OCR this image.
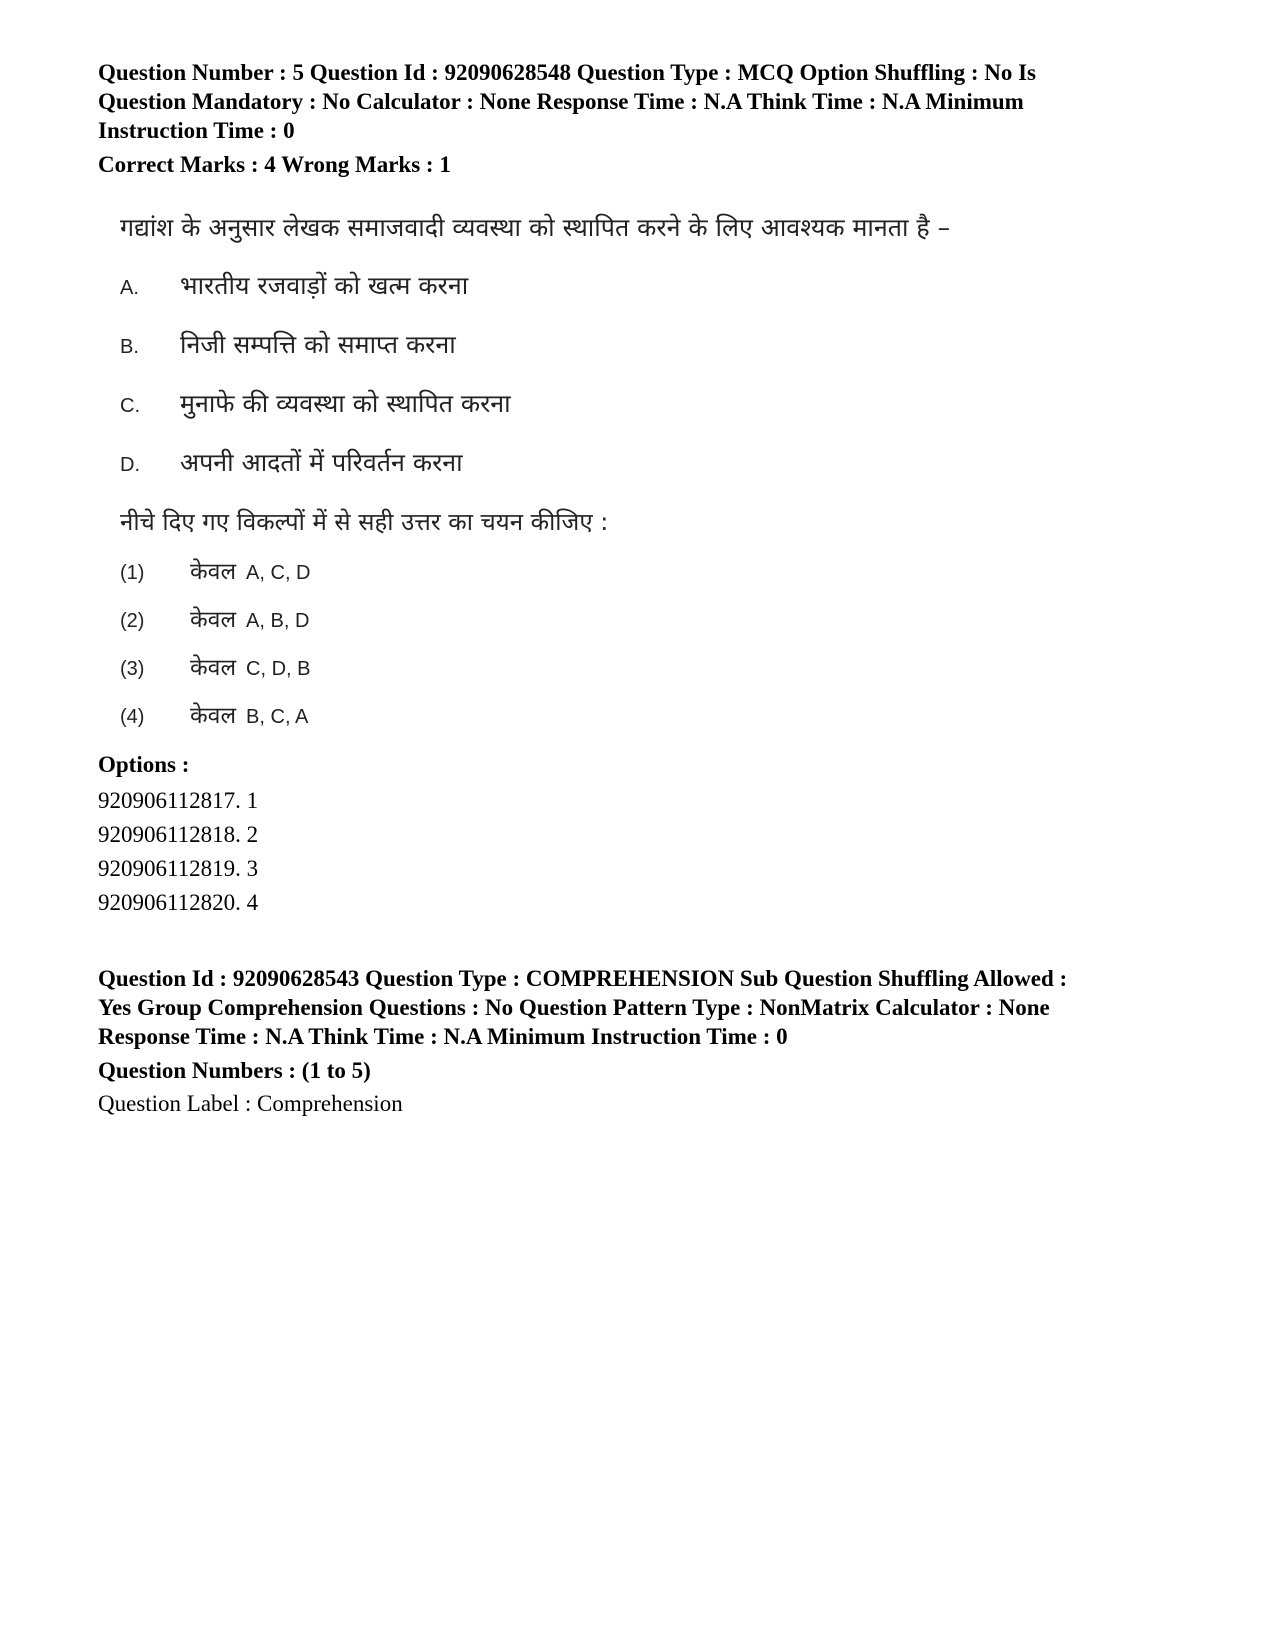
Question Number : 5 Question Id : 92090628548 Question Type : MCQ Option Shuffling : No Is
Question Mandatory : No Calculator : None Response Time : N.A Think Time : N.A Minimum
Instruction Time : 0

Correct Marks : 4 Wrong Marks : 1

गद्यांश के अनुसार लेखक समाजवादी व्यवस्था को स्थापित करने के लिए आवश्यक मानता है –
A.	भारतीय रजवाड़ों को खत्म करना
B.	निजी सम्पत्ति को समाप्त करना
C.	मुनाफे की व्यवस्था को स्थापित करना
D.	अपनी आदतों में परिवर्तन करना
नीचे दिए गए विकल्पों में से सही उत्तर का चयन कीजिए :
(1)	केवल A, C, D
(2)	केवल A, B, D
(3)	केवल C, D, B
(4)	केवल B, C, A

Options :

920906112817. 1

920906112818. 2

920906112819. 3

920906112820. 4

Question Id : 92090628543 Question Type : COMPREHENSION Sub Question Shuffling Allowed :
Yes Group Comprehension Questions : No Question Pattern Type : NonMatrix Calculator : None
Response Time : N.A Think Time : N.A Minimum Instruction Time : 0

Question Numbers : (1 to 5)

Question Label : Comprehension
